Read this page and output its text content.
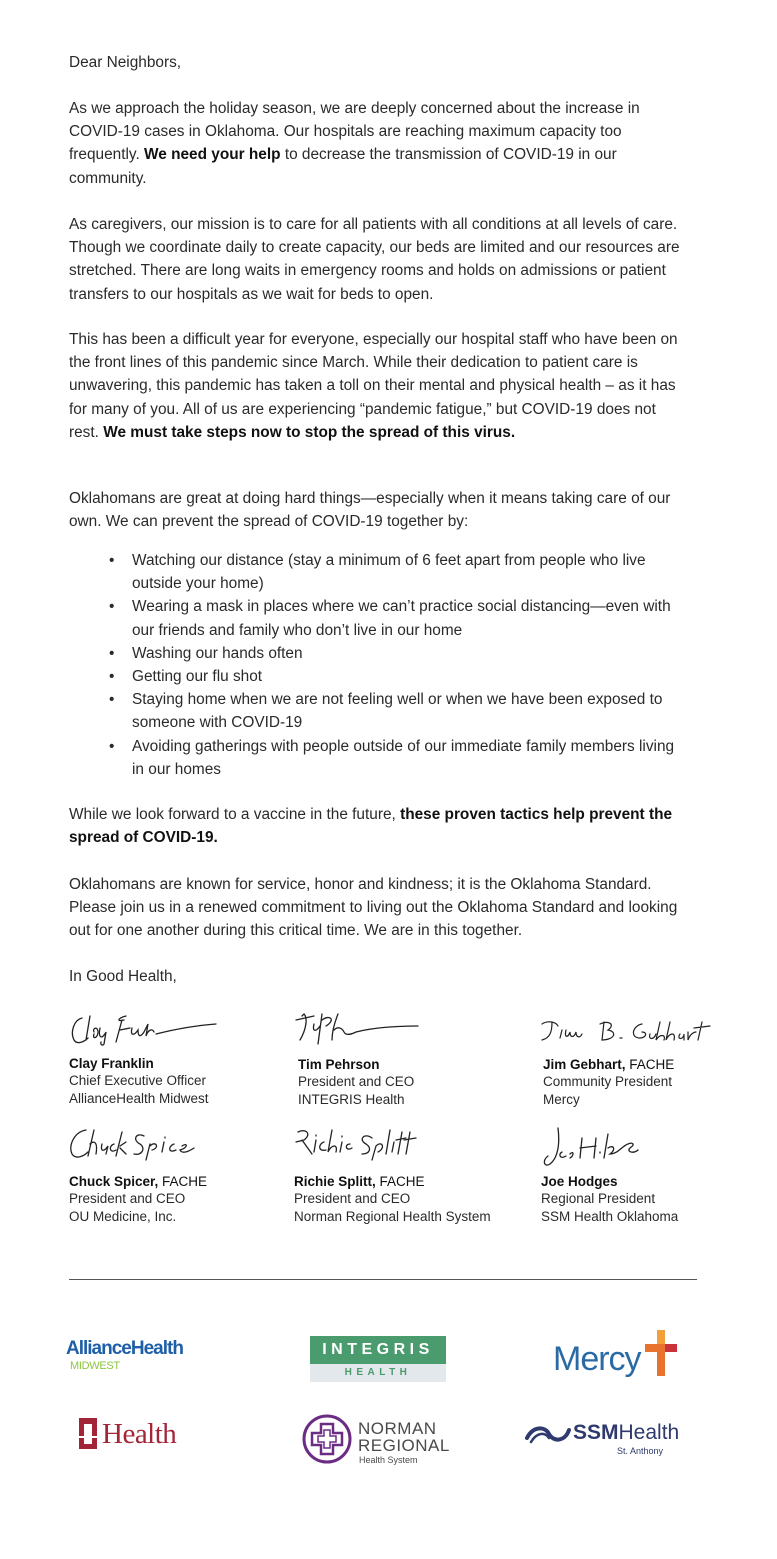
Dear Neighbors,

As we approach the holiday season, we are deeply concerned about the increase in COVID-19 cases in Oklahoma. Our hospitals are reaching maximum capacity too frequently. We need your help to decrease the transmission of COVID-19 in our community.

As caregivers, our mission is to care for all patients with all conditions at all levels of care. Though we coordinate daily to create capacity, our beds are limited and our resources are stretched. There are long waits in emergency rooms and holds on admissions or patient transfers to our hospitals as we wait for beds to open.

This has been a difficult year for everyone, especially our hospital staff who have been on the front lines of this pandemic since March. While their dedication to patient care is unwavering, this pandemic has taken a toll on their mental and physical health – as it has for many of you. All of us are experiencing “pandemic fatigue,” but COVID-19 does not rest. We must take steps now to stop the spread of this virus.

Oklahomans are great at doing hard things—especially when it means taking care of our own. We can prevent the spread of COVID-19 together by:

• Watching our distance (stay a minimum of 6 feet apart from people who live outside your home)
• Wearing a mask in places where we can’t practice social distancing—even with our friends and family who don’t live in our home
• Washing our hands often
• Getting our flu shot
• Staying home when we are not feeling well or when we have been exposed to someone with COVID-19
• Avoiding gatherings with people outside of our immediate family members living in our homes

While we look forward to a vaccine in the future, these proven tactics help prevent the spread of COVID-19.

Oklahomans are known for service, honor and kindness; it is the Oklahoma Standard. Please join us in a renewed commitment to living out the Oklahoma Standard and looking out for one another during this critical time. We are in this together.

In Good Health,

Clay Franklin
Chief Executive Officer
AllianceHealth Midwest
Tim Pehrson
President and CEO
INTEGRIS Health
Jim Gebhart, FACHE
Community President
Mercy
Chuck Spicer, FACHE
President and CEO
OU Medicine, Inc.
Richie Splitt, FACHE
President and CEO
Norman Regional Health System
Joe Hodges
Regional President
SSM Health Oklahoma
AllianceHealth
MIDWEST
INTEGRIS
HEALTH	Mercy
Health	NORMAN
REGIONAL
Health System
SSMHealth
St. Anthony
